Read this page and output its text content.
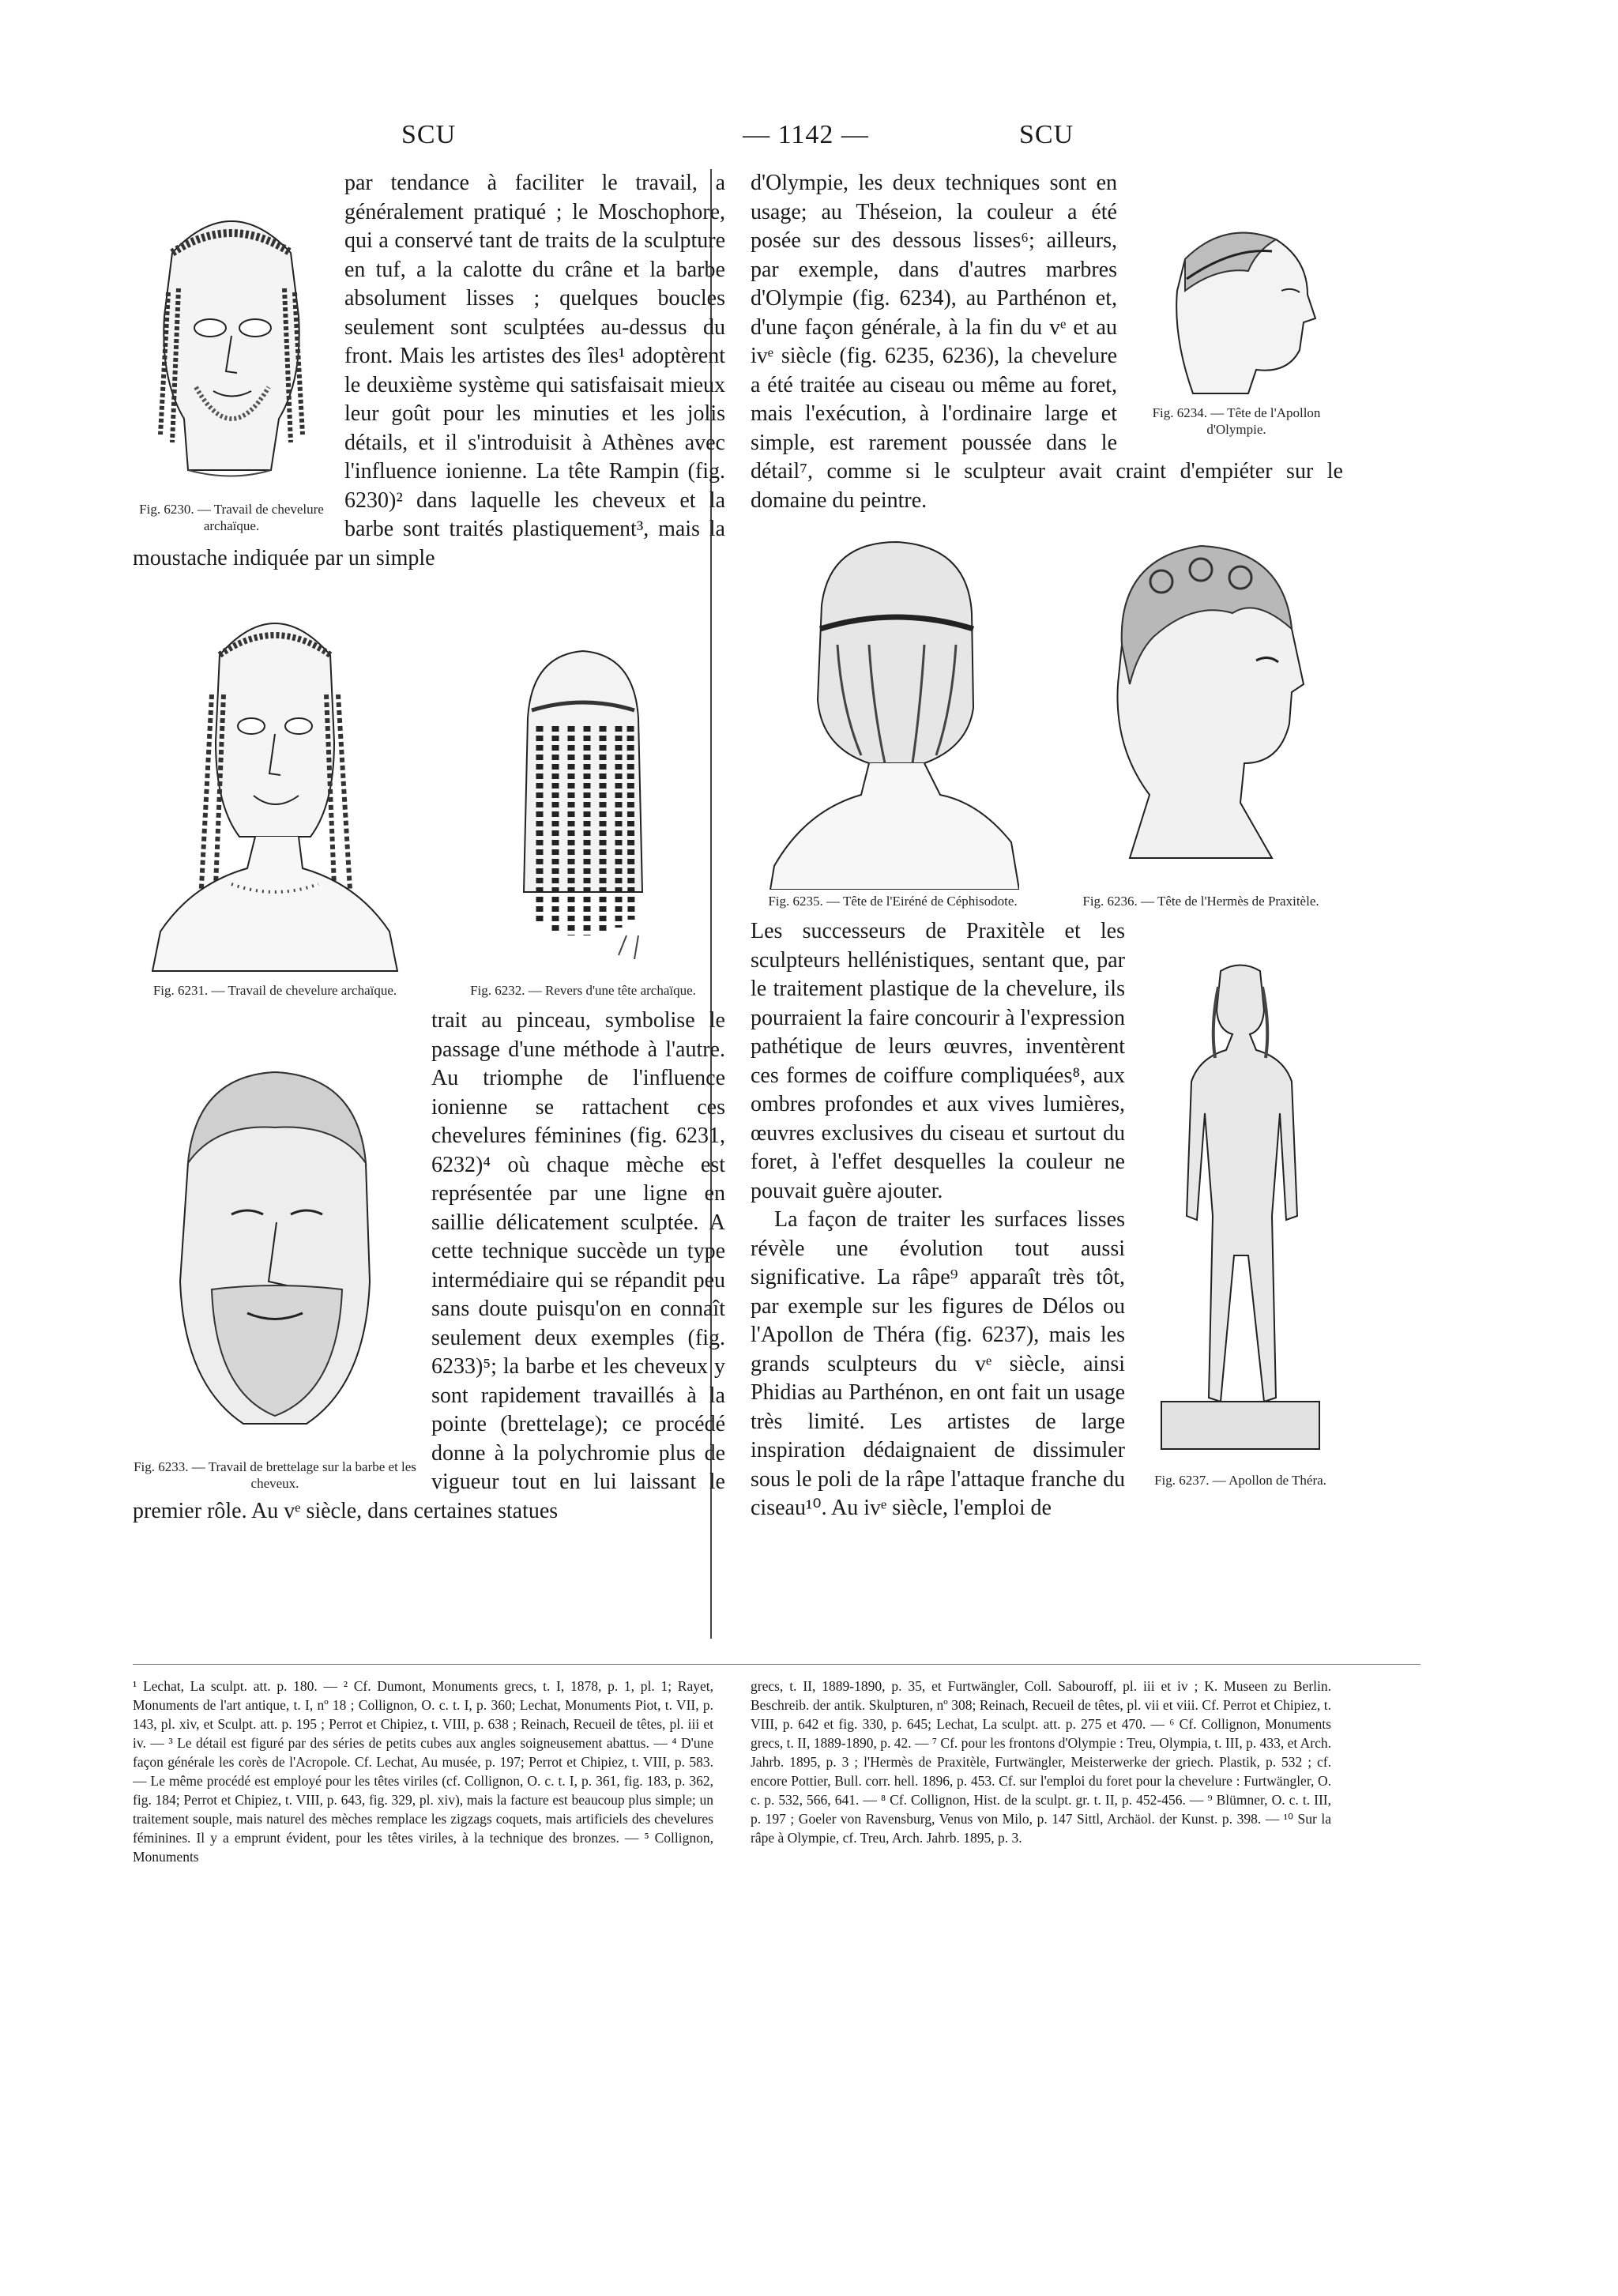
SCU	— 1142 —	SCU
Fig. 6230. — Travail de chevelure archaïque.

par tendance à faciliter le travail, a généralement pratiqué ; le Moschophore, qui a conservé tant de traits de la sculpture en tuf, a la calotte du crâne et la barbe absolument lisses ; quelques boucles seulement sont sculptées au-dessus du front. Mais les artistes des îles¹ adoptèrent le deuxième système qui satisfaisait mieux leur goût pour les minuties et les jolis détails, et il s'introduisit à Athènes avec l'influence ionienne. La tête Rampin (fig. 6230)² dans laquelle les cheveux et la barbe sont traités plastiquement³, mais la moustache indiquée par un simple

Fig. 6231. — Travail de chevelure archaïque.	Fig. 6232. — Revers d'une tête archaïque.
Fig. 6233. — Travail de brettelage sur la barbe et les cheveux.

trait au pinceau, symbolise le passage d'une méthode à l'autre. Au triomphe de l'influence ionienne se rattachent ces chevelures féminines (fig. 6231, 6232)⁴ où chaque mèche est représentée par une ligne en saillie délicatement sculptée. A cette technique succède un type intermédiaire qui se répandit peu sans doute puisqu'on en connaît seulement deux exemples (fig. 6233)⁵; la barbe et les cheveux y sont rapidement travaillés à la pointe (brettelage); ce procédé donne à la polychromie plus de vigueur tout en lui laissant le premier rôle. Au vᵉ siècle, dans certaines statues

Fig. 6234. — Tête de l'Apollon d'Olympie.

d'Olympie, les deux techniques sont en usage; au Théseion, la couleur a été posée sur des dessous lisses⁶; ailleurs, par exemple, dans d'autres marbres d'Olympie (fig. 6234), au Parthénon et, d'une façon générale, à la fin du vᵉ et au ivᵉ siècle (fig. 6235, 6236), la chevelure a été traitée au ciseau ou même au foret, mais l'exécution, à l'ordinaire large et simple, est rarement poussée dans le détail⁷, comme si le sculpteur avait craint d'empiéter sur le domaine du peintre.

Fig. 6235. — Tête de l'Eiréné de Céphisodote.	Fig. 6236. — Tête de l'Hermès de Praxitèle.
Fig. 6237. — Apollon de Théra.

Les successeurs de Praxitèle et les sculpteurs hellénistiques, sentant que, par le traitement plastique de la chevelure, ils pourraient la faire concourir à l'expression pathétique de leurs œuvres, inventèrent ces formes de coiffure compliquées⁸, aux ombres profondes et aux vives lumières, œuvres exclusives du ciseau et surtout du foret, à l'effet desquelles la couleur ne pouvait guère ajouter.

La façon de traiter les surfaces lisses révèle une évolution tout aussi significative. La râpe⁹ apparaît très tôt, par exemple sur les figures de Délos ou l'Apollon de Théra (fig. 6237), mais les grands sculpteurs du vᵉ siècle, ainsi Phidias au Parthénon, en ont fait un usage très limité. Les artistes de large inspiration dédaignaient de dissimuler sous le poli de la râpe l'attaque franche du ciseau¹⁰. Au ivᵉ siècle, l'emploi de

¹ Lechat, La sculpt. att. p. 180. — ² Cf. Dumont, Monuments grecs, t. I, 1878, p. 1, pl. 1; Rayet, Monuments de l'art antique, t. I, nº 18 ; Collignon, O. c. t. I, p. 360; Lechat, Monuments Piot, t. VII, p. 143, pl. xiv, et Sculpt. att. p. 195 ; Perrot et Chipiez, t. VIII, p. 638 ; Reinach, Recueil de têtes, pl. iii et iv. — ³ Le détail est figuré par des séries de petits cubes aux angles soigneusement abattus. — ⁴ D'une façon générale les corès de l'Acropole. Cf. Lechat, Au musée, p. 197; Perrot et Chipiez, t. VIII, p. 583. — Le même procédé est employé pour les têtes viriles (cf. Collignon, O. c. t. I, p. 361, fig. 183, p. 362, fig. 184; Perrot et Chipiez, t. VIII, p. 643, fig. 329, pl. xiv), mais la facture est beaucoup plus simple; un traitement souple, mais naturel des mèches remplace les zigzags coquets, mais artificiels des chevelures féminines. Il y a emprunt évident, pour les têtes viriles, à la technique des bronzes. — ⁵ Collignon, Monuments

grecs, t. II, 1889-1890, p. 35, et Furtwängler, Coll. Sabouroff, pl. iii et iv ; K. Museen zu Berlin. Beschreib. der antik. Skulpturen, nº 308; Reinach, Recueil de têtes, pl. vii et viii. Cf. Perrot et Chipiez, t. VIII, p. 642 et fig. 330, p. 645; Lechat, La sculpt. att. p. 275 et 470. — ⁶ Cf. Collignon, Monuments grecs, t. II, 1889-1890, p. 42. — ⁷ Cf. pour les frontons d'Olympie : Treu, Olympia, t. III, p. 433, et Arch. Jahrb. 1895, p. 3 ; l'Hermès de Praxitèle, Furtwängler, Meisterwerke der griech. Plastik, p. 532 ; cf. encore Pottier, Bull. corr. hell. 1896, p. 453. Cf. sur l'emploi du foret pour la chevelure : Furtwängler, O. c. p. 532, 566, 641. — ⁸ Cf. Collignon, Hist. de la sculpt. gr. t. II, p. 452-456. — ⁹ Blümner, O. c. t. III, p. 197 ; Goeler von Ravensburg, Venus von Milo, p. 147 Sittl, Archäol. der Kunst. p. 398. — ¹⁰ Sur la râpe à Olympie, cf. Treu, Arch. Jahrb. 1895, p. 3.
